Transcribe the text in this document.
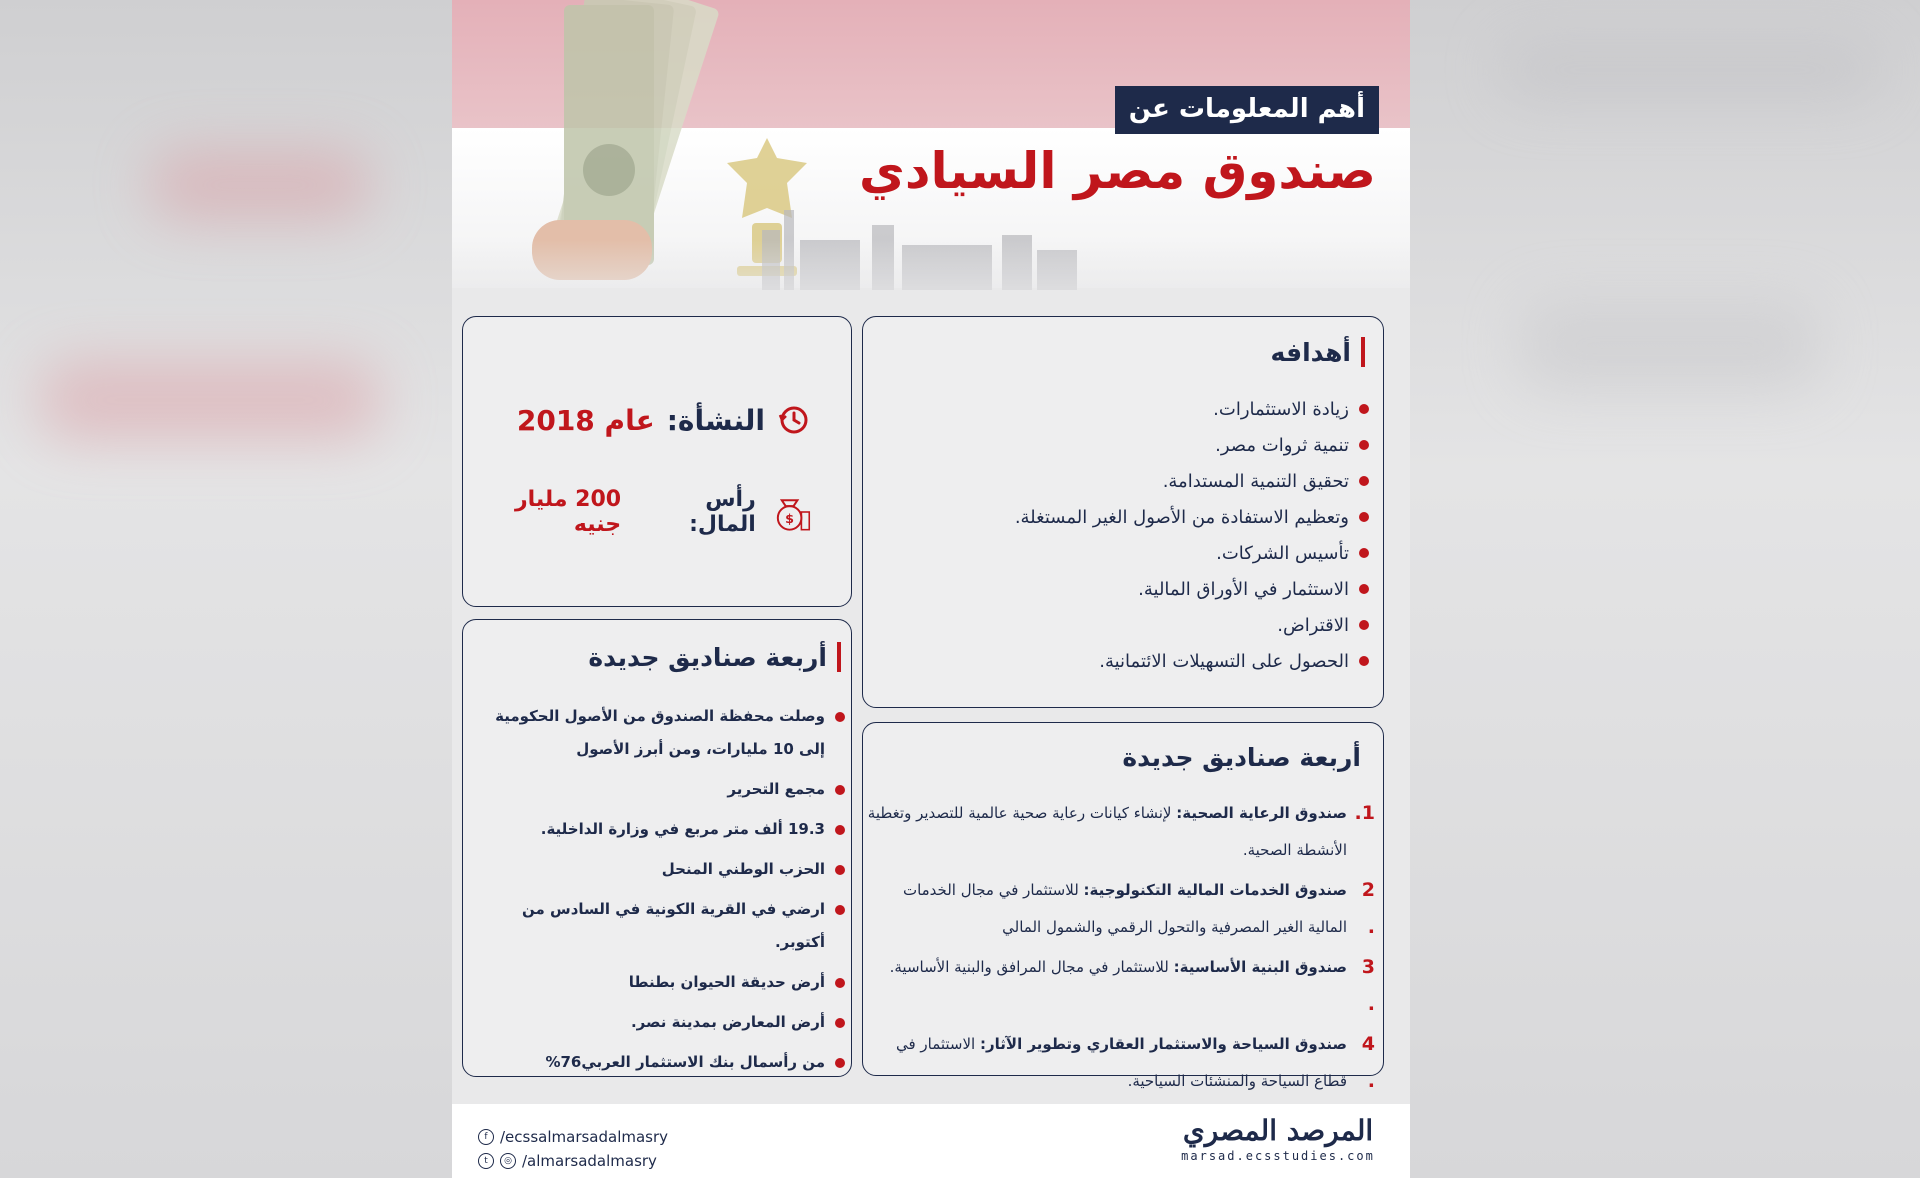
أهم المعلومات عن
صندوق مصر السيادي
أهدافه
زيادة الاستثمارات.
تنمية ثروات مصر.
تحقيق التنمية المستدامة.
وتعظيم الاستفادة من الأصول الغير المستغلة.
تأسيس الشركات.
الاستثمار في الأوراق المالية.
الاقتراض.
الحصول على التسهيلات الائتمانية.
النشأة:
عام 2018
$
رأس المال:
200 مليار جنيه
أربعة صناديق جديدة
وصلت محفظة الصندوق من الأصول الحكومية إلى 10 مليارات، ومن أبرز الأصول
مجمع التحرير
19.3 ألف متر مربع في وزارة الداخلية.
الحزب الوطني المنحل
ارضي في القرية الكونية في السادس من أكتوبر.
أرض حديقة الحيوان بطنطا
أرض المعارض بمدينة نصر.
من رأسمال بنك الاستثمار العربي76%
أربعة صناديق جديدة
1.
صندوق الرعاية الصحية: لإنشاء كيانات رعاية صحية عالمية للتصدير وتغطية الأنشطة الصحية.
2 .
صندوق الخدمات المالية التكنولوجية: للاستثمار في مجال الخدمات المالية الغير المصرفية والتحول الرقمي والشمول المالي
3 .
صندوق البنية الأساسية: للاستثمار في مجال المرافق والبنية الأساسية.
4 .
صندوق السياحة والاستثمار العقاري وتطوير الآثار: الاستثمار في قطاع السياحة والمنشئات السياحية.
f /ecssalmarsadalmasry
t	◎ /almarsadalmasry
المرصد المصري
marsad.ecsstudies.com
